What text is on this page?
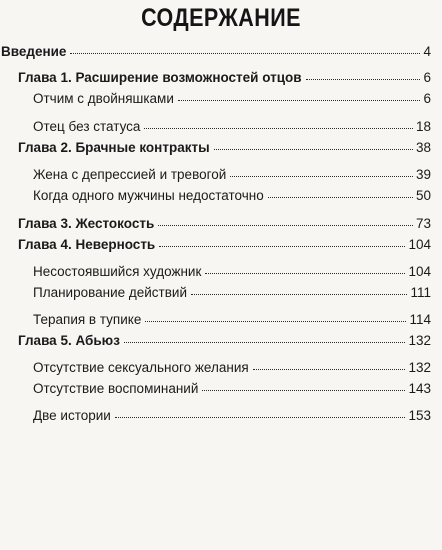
СОДЕРЖАНИЕ
Введение	4
Глава 1. Расширение возможностей отцов	6
Отчим с двойняшками	6
Отец без статуса	18
Глава 2. Брачные контракты	38
Жена с депрессией и тревогой	39
Когда одного мужчины недостаточно	50
Глава 3. Жестокость	73
Глава 4. Неверность	104
Несостоявшийся художник	104
Планирование действий	111
Терапия в тупике	114
Глава 5. Абьюз	132
Отсутствие сексуального желания	132
Отсутствие воспоминаний	143
Две истории	153
